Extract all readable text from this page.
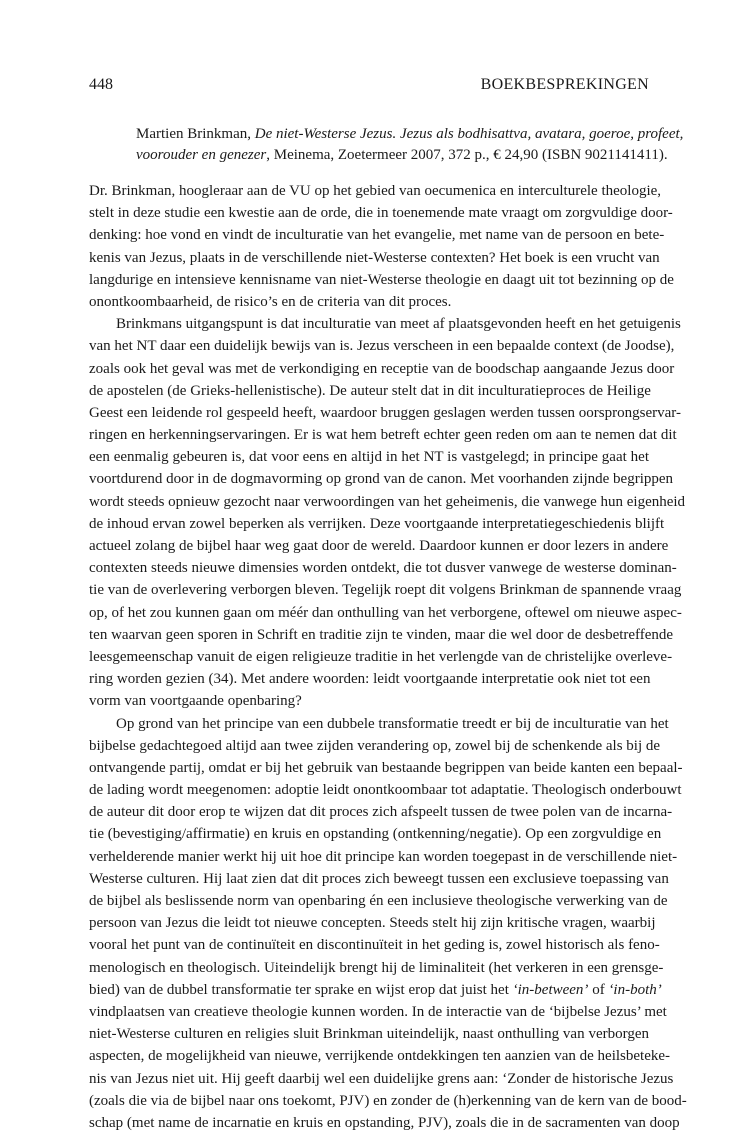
448	BOEKBESPREKINGEN
Martien Brinkman, De niet-Westerse Jezus. Jezus als bodhisattva, avatara, goeroe, profeet,
voorouder en genezer, Meinema, Zoetermeer 2007, 372 p., € 24,90 (ISBN 9021141411).
Dr. Brinkman, hoogleraar aan de VU op het gebied van oecumenica en interculturele theologie,
stelt in deze studie een kwestie aan de orde, die in toenemende mate vraagt om zorgvuldige door-
denking: hoe vond en vindt de inculturatie van het evangelie, met name van de persoon en bete-
kenis van Jezus, plaats in de verschillende niet-Westerse contexten? Het boek is een vrucht van
langdurige en intensieve kennisname van niet-Westerse theologie en daagt uit tot bezinning op de
onontkoombaarheid, de risico’s en de criteria van dit proces.
Brinkmans uitgangspunt is dat inculturatie van meet af plaatsgevonden heeft en het getuigenis
van het NT daar een duidelijk bewijs van is. Jezus verscheen in een bepaalde context (de Joodse),
zoals ook het geval was met de verkondiging en receptie van de boodschap aangaande Jezus door
de apostelen (de Grieks-hellenistische). De auteur stelt dat in dit inculturatieproces de Heilige
Geest een leidende rol gespeeld heeft, waardoor bruggen geslagen werden tussen oorsprongservar-
ringen en herkenningservaringen. Er is wat hem betreft echter geen reden om aan te nemen dat dit
een eenmalig gebeuren is, dat voor eens en altijd in het NT is vastgelegd; in principe gaat het
voortdurend door in de dogmavorming op grond van de canon. Met voorhanden zijnde begrippen
wordt steeds opnieuw gezocht naar verwoordingen van het geheimenis, die vanwege hun eigenheid
de inhoud ervan zowel beperken als verrijken. Deze voortgaande interpretatiegeschiedenis blijft
actueel zolang de bijbel haar weg gaat door de wereld. Daardoor kunnen er door lezers in andere
contexten steeds nieuwe dimensies worden ontdekt, die tot dusver vanwege de westerse dominan-
tie van de overlevering verborgen bleven. Tegelijk roept dit volgens Brinkman de spannende vraag
op, of het zou kunnen gaan om méér dan onthulling van het verborgene, oftewel om nieuwe aspec-
ten waarvan geen sporen in Schrift en traditie zijn te vinden, maar die wel door de desbetreffende
leesgemeenschap vanuit de eigen religieuze traditie in het verlengde van de christelijke overleve-
ring worden gezien (34). Met andere woorden: leidt voortgaande interpretatie ook niet tot een
vorm van voortgaande openbaring?
Op grond van het principe van een dubbele transformatie treedt er bij de inculturatie van het
bijbelse gedachtegoed altijd aan twee zijden verandering op, zowel bij de schenkende als bij de
ontvangende partij, omdat er bij het gebruik van bestaande begrippen van beide kanten een bepaal-
de lading wordt meegenomen: adoptie leidt onontkoombaar tot adaptatie. Theologisch onderbouwt
de auteur dit door erop te wijzen dat dit proces zich afspeelt tussen de twee polen van de incarna-
tie (bevestiging/affirmatie) en kruis en opstanding (ontkenning/negatie). Op een zorgvuldige en
verhelderende manier werkt hij uit hoe dit principe kan worden toegepast in de verschillende niet-
Westerse culturen. Hij laat zien dat dit proces zich beweegt tussen een exclusieve toepassing van
de bijbel als beslissende norm van openbaring én een inclusieve theologische verwerking van de
persoon van Jezus die leidt tot nieuwe concepten. Steeds stelt hij zijn kritische vragen, waarbij
vooral het punt van de continuïteit en discontinuïteit in het geding is, zowel historisch als feno-
menologisch en theologisch. Uiteindelijk brengt hij de liminaliteit (het verkeren in een grensge-
bied) van de dubbel transformatie ter sprake en wijst erop dat juist het ‘in-between’ of ‘in-both’
vindplaatsen van creatieve theologie kunnen worden. In de interactie van de ‘bijbelse Jezus’ met
niet-Westerse culturen en religies sluit Brinkman uiteindelijk, naast onthulling van verborgen
aspecten, de mogelijkheid van nieuwe, verrijkende ontdekkingen ten aanzien van de heilsbeteke-
nis van Jezus niet uit. Hij geeft daarbij wel een duidelijke grens aan: ‘Zonder de historische Jezus
(zoals die via de bijbel naar ons toekomt, PJV) en zonder de (h)erkenning van de kern van de bood-
schap (met name de incarnatie en kruis en opstanding, PJV), zoals die in de sacramenten van doop
